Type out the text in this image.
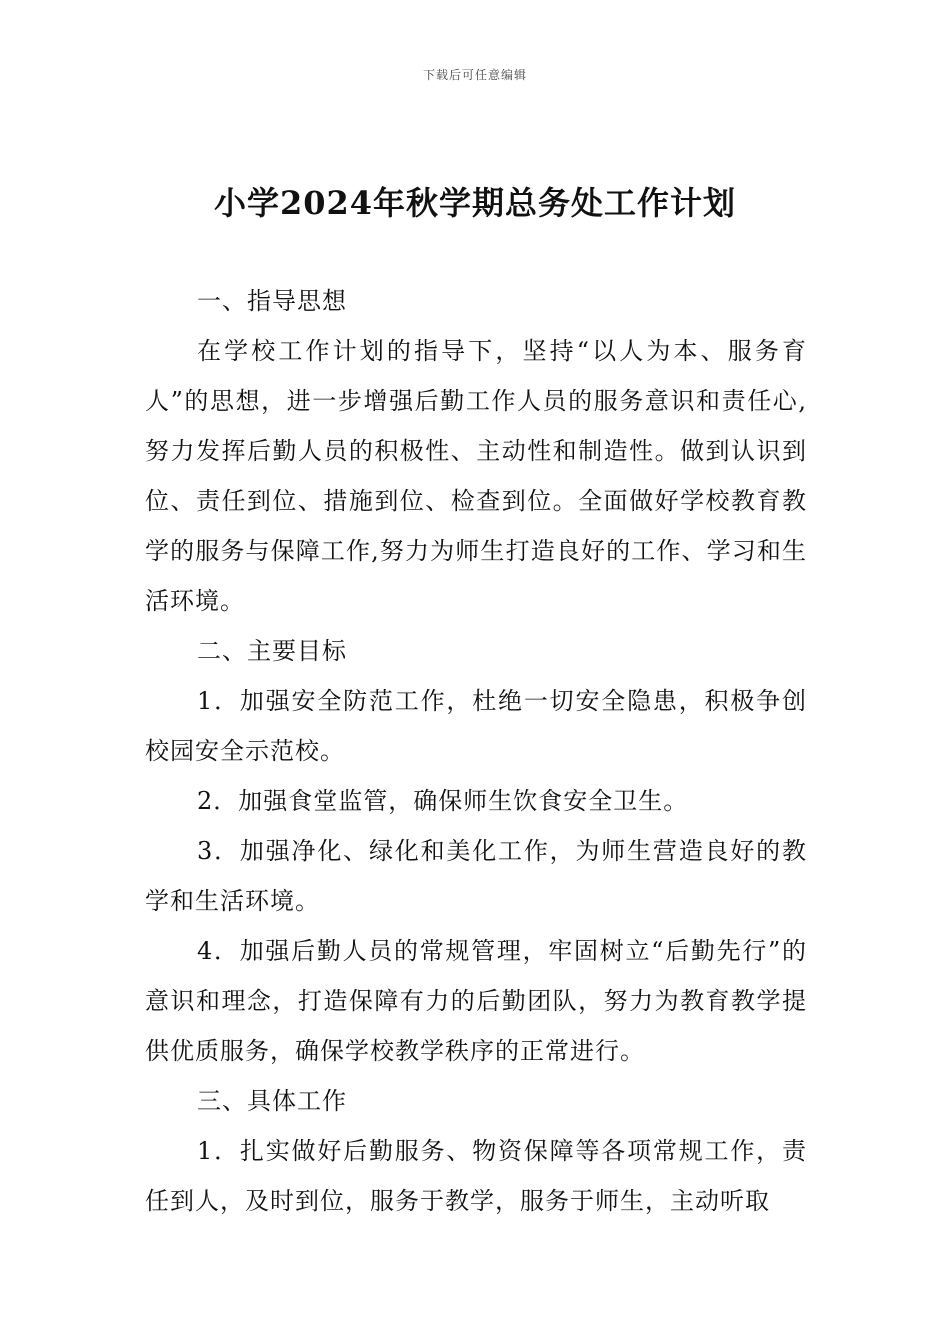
下载后可任意编辑
小学2024年秋学期总务处工作计划

一、指导思想

在学校工作计划的指导下，坚持“以人为本、服务育人”的思想，进一步增强后勤工作人员的服务意识和责任心,努力发挥后勤人员的积极性、主动性和制造性。做到认识到位、责任到位、措施到位、检查到位。全面做好学校教育教学的服务与保障工作,努力为师生打造良好的工作、学习和生活环境。

二、主要目标

1．加强安全防范工作，杜绝一切安全隐患，积极争创校园安全示范校。

2．加强食堂监管，确保师生饮食安全卫生。

3．加强净化、绿化和美化工作，为师生营造良好的教学和生活环境。

4．加强后勤人员的常规管理，牢固树立“后勤先行”的意识和理念，打造保障有力的后勤团队，努力为教育教学提供优质服务，确保学校教学秩序的正常进行。

三、具体工作

1．扎实做好后勤服务、物资保障等各项常规工作，责任到人，及时到位，服务于教学，服务于师生，主动听取
